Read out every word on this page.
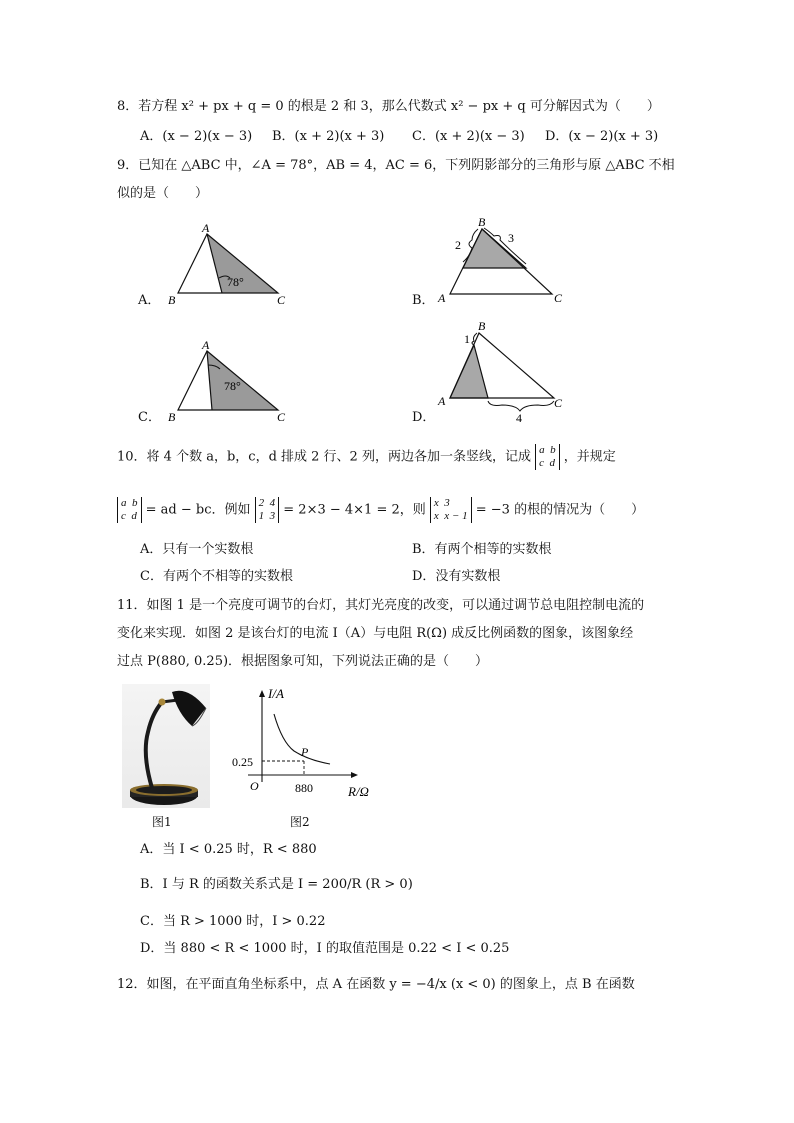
8．若方程 x² + px + q = 0 的根是 2 和 3，那么代数式 x² − px + q 可分解因式为（　　）
A．(x − 2)(x − 3) B．(x + 2)(x + 3) C．(x + 2)(x − 3) D．(x − 2)(x + 3)
9．已知在 △ABC 中，∠A = 78°，AB = 4，AC = 6，下列阴影部分的三角形与原 △ABC 不相
似的是（　　）
A．	B．
C．	D．
A
B	C
78°
B
A	C
2	3
A
B	C
78°
B
A	C
1
4
10．将 4 个数 a，b，c，d 排成 2 行、2 列，两边各加一条竖线，记成 a b
c d ，并规定
a b
c d = ad − bc．例如 2 4
1 3 = 2×3 − 4×1 = 2，则 x 3
x x − 1 = −3 的根的情况为（　　）
A．只有一个实数根	B．有两个相等的实数根
C．有两个不相等的实数根	D．没有实数根
11．如图 1 是一个亮度可调节的台灯，其灯光亮度的改变，可以通过调节总电阻控制电流的
变化来实现．如图 2 是该台灯的电流 I（A）与电阻 R(Ω) 成反比例函数的图象，该图象经
过点 P(880, 0.25)．根据图象可知，下列说法正确的是（　　）
图1
I/A
R/Ω
O
0.25
880
P
图2
A．当 I < 0.25 时，R < 880
B．I 与 R 的函数关系式是 I = 200/R (R > 0)
C．当 R > 1000 时，I > 0.22
D．当 880 < R < 1000 时，I 的取值范围是 0.22 < I < 0.25
12．如图，在平面直角坐标系中，点 A 在函数 y = −4/x (x < 0) 的图象上，点 B 在函数
